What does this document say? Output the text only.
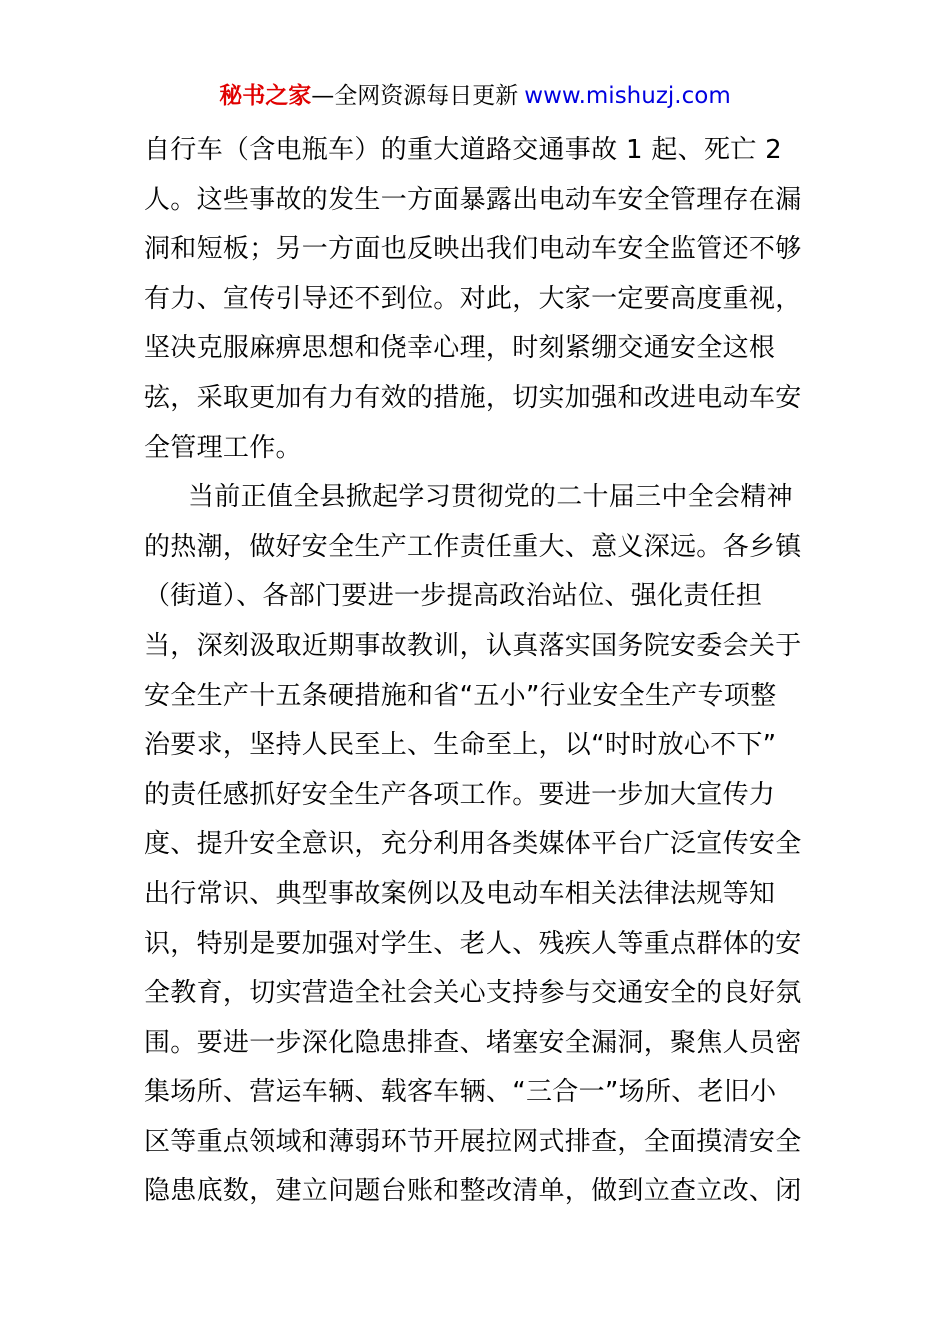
秘书之家—全网资源每日更新 www.mishuzj.com
自行车（含电瓶车）的重大道路交通事故 1 起、死亡 2
人。这些事故的发生一方面暴露出电动车安全管理存在漏
洞和短板；另一方面也反映出我们电动车安全监管还不够
有力、宣传引导还不到位。对此，大家一定要高度重视，
坚决克服麻痹思想和侥幸心理，时刻紧绷交通安全这根
弦，采取更加有力有效的措施，切实加强和改进电动车安
全管理工作。
当前正值全县掀起学习贯彻党的二十届三中全会精神
的热潮，做好安全生产工作责任重大、意义深远。各乡镇
（街道）、各部门要进一步提高政治站位、强化责任担
当，深刻汲取近期事故教训，认真落实国务院安委会关于
安全生产十五条硬措施和省“五小”行业安全生产专项整
治要求，坚持人民至上、生命至上，以“时时放心不下”
的责任感抓好安全生产各项工作。要进一步加大宣传力
度、提升安全意识，充分利用各类媒体平台广泛宣传安全
出行常识、典型事故案例以及电动车相关法律法规等知
识，特别是要加强对学生、老人、残疾人等重点群体的安
全教育，切实营造全社会关心支持参与交通安全的良好氛
围。要进一步深化隐患排查、堵塞安全漏洞，聚焦人员密
集场所、营运车辆、载客车辆、“三合一”场所、老旧小
区等重点领域和薄弱环节开展拉网式排查，全面摸清安全
隐患底数，建立问题台账和整改清单，做到立查立改、闭
